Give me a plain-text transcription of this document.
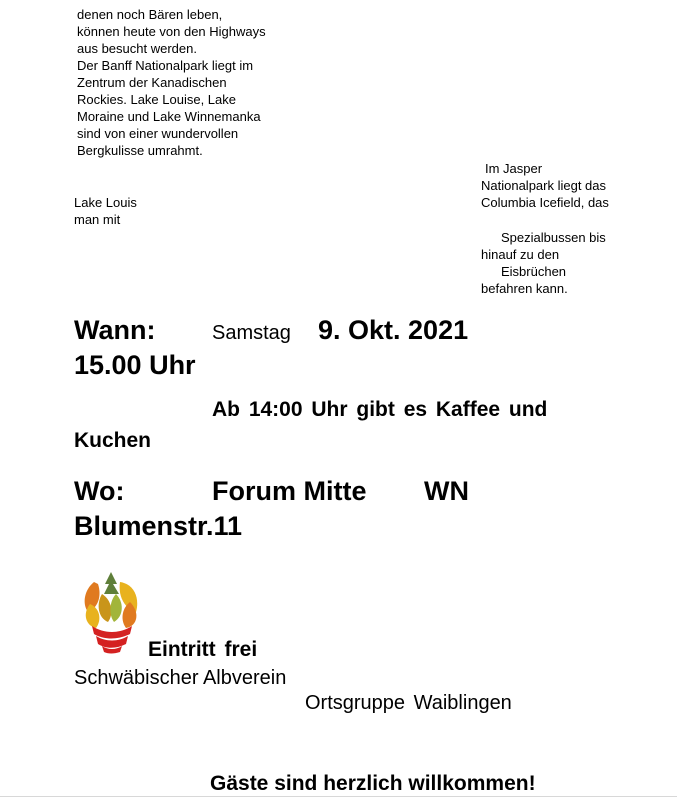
denen noch Bären leben,
können heute von den Highways
aus besucht werden.
Der Banff Nationalpark liegt im
Zentrum der Kanadischen
Rockies. Lake Louise, Lake
Moraine und Lake Winnemanka
sind von einer wundervollen
Bergkulisse umrahmt.
Lake Louis
man mit
Im Jasper
Nationalpark liegt das
Columbia Icefield, das
Spezialbussen bis
hinauf zu den
Eisbrüchen
befahren kann.
Wann:	Samstag 9. Okt. 2021
15.00 Uhr
Ab 14:00 Uhr gibt es Kaffee und
Kuchen
Wo:	Forum Mitte WN
Blumenstr.11
Eintritt frei
Schwäbischer Albverein
Ortsgruppe Waiblingen
Gäste sind herzlich willkommen!
